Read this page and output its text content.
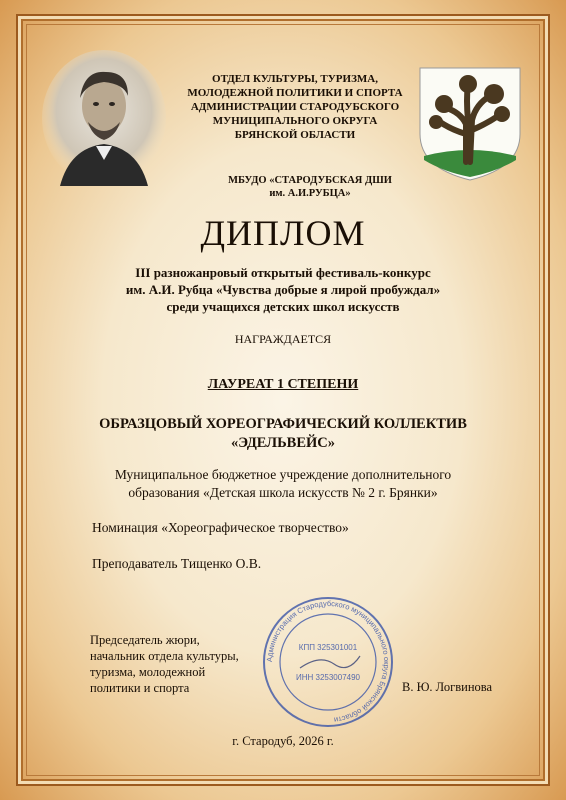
ОТДЕЛ КУЛЬТУРЫ, ТУРИЗМА,
МОЛОДЕЖНОЙ ПОЛИТИКИ И СПОРТА
АДМИНИСТРАЦИИ СТАРОДУБСКОГО
МУНИЦИПАЛЬНОГО ОКРУГА
БРЯНСКОЙ ОБЛАСТИ
МБУДО «СТАРОДУБСКАЯ ДШИ
им. А.И.РУБЦА»
ДИПЛОМ
III разножанровый открытый фестиваль-конкурс
им. А.И. Рубца «Чувства добрые я лирой пробуждал»
среди учащихся детских школ искусств
НАГРАЖДАЕТСЯ
ЛАУРЕАТ 1 СТЕПЕНИ
ОБРАЗЦОВЫЙ ХОРЕОГРАФИЧЕСКИЙ КОЛЛЕКТИВ
«ЭДЕЛЬВЕЙС»
Муниципальное бюджетное учреждение дополнительного
образования «Детская школа искусств № 2 г. Брянки»
Номинация «Хореографическое творчество»
Преподаватель Тищенко О.В.
Администрация Стародубского муниципального округа Брянской области
КПП 325301001
ИНН 3253007490
Председатель жюри,
начальник отдела культуры,
туризма, молодежной
политики и спорта	В. Ю. Логвинова
г. Стародуб, 2026 г.
